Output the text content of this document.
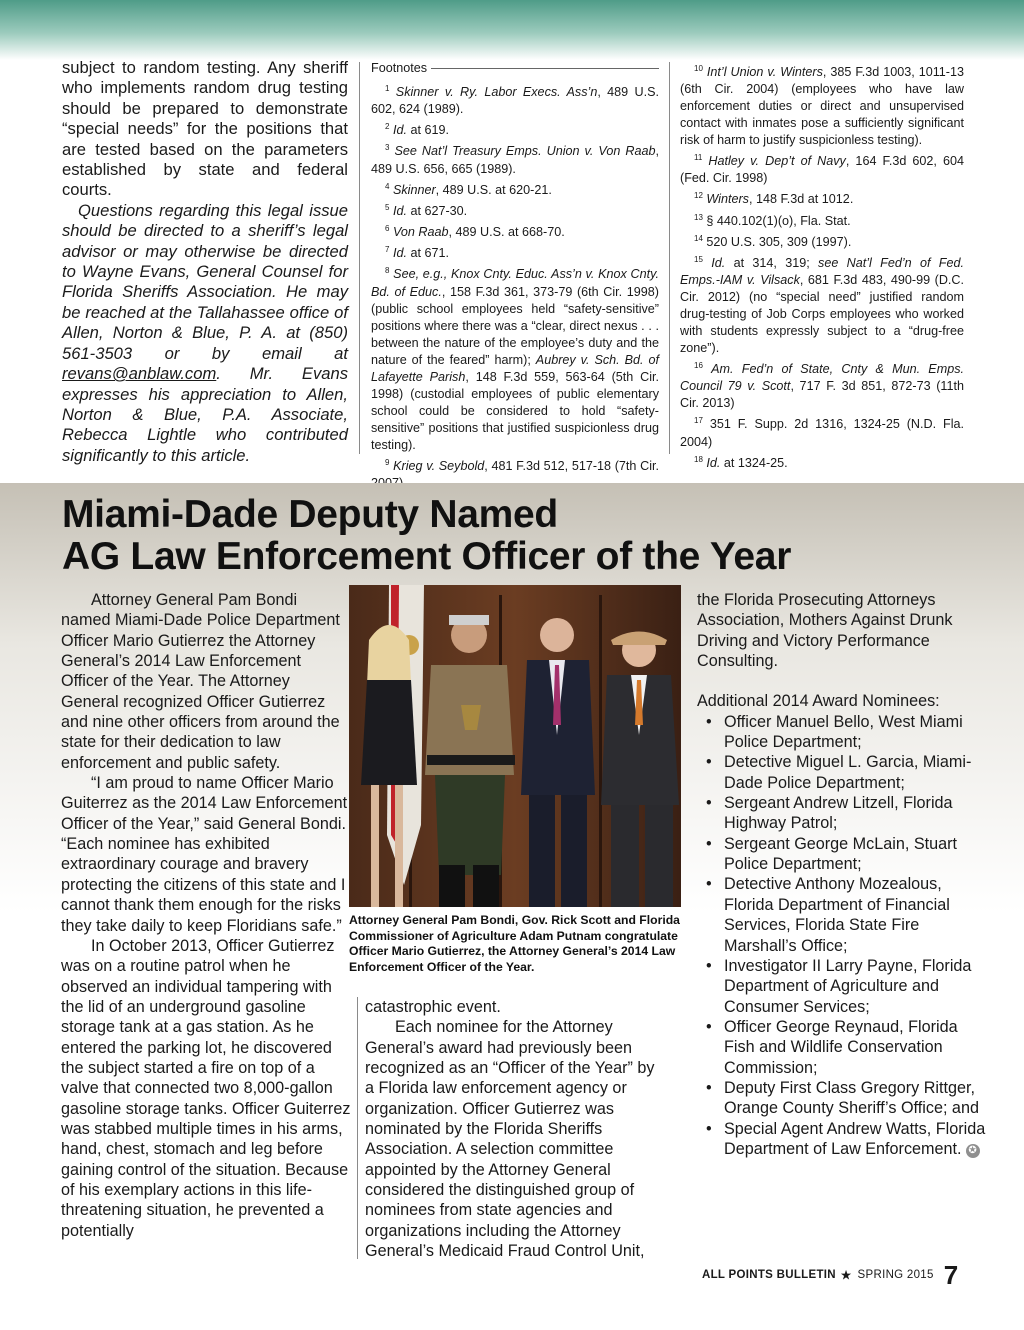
subject to random testing. Any sheriff who implements random drug testing should be prepared to demonstrate “special needs” for the positions that are tested based on the parameters established by state and federal courts.

Questions regarding this legal issue should be directed to a sheriff’s legal advisor or may otherwise be directed to Wayne Evans, General Counsel for Florida Sheriffs Association. He may be reached at the Tallahassee office of Allen, Norton & Blue, P. A. at (850) 561-3503 or by email at revans@anblaw.com. Mr. Evans expresses his appreciation to Allen, Norton & Blue, P.A. Associate, Rebecca Lightle who contributed significantly to this article.

Footnotes

$^1$ Skinner v. Ry. Labor Execs. Ass’n, 489 U.S. 602, 624 (1989).

$^2$ Id. at 619.

$^3$ See Nat’l Treasury Emps. Union v. Von Raab, 489 U.S. 656, 665 (1989).

$^4$ Skinner, 489 U.S. at 620-21.

$^5$ Id. at 627-30.

$^6$ Von Raab, 489 U.S. at 668-70.

$^7$ Id. at 671.

$^8$ See, e.g., Knox Cnty. Educ. Ass’n v. Knox Cnty. Bd. of Educ., 158 F.3d 361, 373-79 (6th Cir. 1998) (public school employees held “safety-sensitive” positions where there was a “clear, direct nexus . . . between the nature of the employee’s duty and the nature of the feared” harm); Aubrey v. Sch. Bd. of Lafayette Parish, 148 F.3d 559, 563-64 (5th Cir. 1998) (custodial employees of public elementary school could be considered to hold “safety-sensitive” positions that justified suspicionless drug testing).

$^9$ Krieg v. Seybold, 481 F.3d 512, 517-18 (7th Cir.

$^{10}$ Int’l Union v. Winters, 385 F.3d 1003, 1011-13 (6th Cir. 2004) (employees who have law enforcement duties or direct and unsupervised contact with inmates pose a sufficiently significant risk of harm to justify suspicionless testing).

$^{11}$ Hatley v. Dep’t of Navy, 164 F.3d 602, 604 (Fed. Cir. 1998)

$^{12}$ Winters, 148 F.3d at 1012.

$^{13}$ § 440.102(1)(o), Fla. Stat.

$^{14}$ 520 U.S. 305, 309 (1997).

$^{15}$ Id. at 314, 319; see Nat’l Fed’n of Fed. Emps.-IAM v. Vilsack, 681 F.3d 483, 490-99 (D.C. Cir. 2012) (no “special need” justified random drug-testing of Job Corps employees who worked with students expressly subject to a “drug-free zone”).

$^{16}$ Am. Fed’n of State, Cnty & Mun. Emps. Council 79 v. Scott, 717 F. 3d 851, 872-73 (11th Cir. 2013)

$^{17}$ 351 F. Supp. 2d 1316, 1324-25 (N.D. Fla. 2004)

$^{18}$ Id. at 1324-25.

Miami-Dade Deputy Named
AG Law Enforcement Officer of the Year

Attorney General Pam Bondi named Miami-Dade Police Department Officer Mario Gutierrez the Attorney General’s 2014 Law Enforcement Officer of the Year. The Attorney General recognized Officer Gutierrez and nine other officers from around the state for their dedication to law enforcement and public safety.

“I am proud to name Officer Mario Guiterrez as the 2014 Law Enforcement Officer of the Year,” said General Bondi. “Each nominee has exhibited extraordinary courage and bravery protecting the citizens of this state and I cannot thank them enough for the risks they take daily to keep Floridians safe.”

In October 2013, Officer Gutierrez was on a routine patrol when he observed an individual tampering with the lid of an underground gasoline storage tank at a gas station. As he entered the parking lot, he discovered the subject started a fire on top of a valve that connected two 8,000-gallon gasoline storage tanks. Officer Guiterrez was stabbed multiple times in his arms, hand, chest, stomach and leg before gaining control of the situation. Because of his exemplary actions in this life-threatening situation, he prevented a potentially

Attorney General Pam Bondi, Gov. Rick Scott and Florida Commissioner of Agriculture Adam Putnam congratulate Officer Mario Gutierrez, the Attorney General’s 2014 Law Enforcement Officer of the Year.

catastrophic event.

Each nominee for the Attorney General’s award had previously been recognized as an “Officer of the Year” by a Florida law enforcement agency or organization. Officer Gutierrez was nominated by the Florida Sheriffs Association. A selection committee appointed by the Attorney General considered the distinguished group of nominees from state agencies and organizations including the Attorney General’s Medicaid Fraud Control Unit,

the Florida Prosecuting Attorneys Association, Mothers Against Drunk Driving and Victory Performance Consulting.

Additional 2014 Award Nominees:

• Officer Manuel Bello, West Miami Police Department;
• Detective Miguel L. Garcia, Miami-Dade Police Department;
• Sergeant Andrew Litzell, Florida Highway Patrol;
• Sergeant George McLain, Stuart Police Department;
• Detective Anthony Mozealous, Florida Department of Financial Services, Florida State Fire Marshall’s Office;
• Investigator II Larry Payne, Florida Department of Agriculture and Consumer Services;
• Officer George Reynaud, Florida Fish and Wildlife Conservation Commission;
• Deputy First Class Gregory Rittger, Orange County Sheriff’s Office; and
• Special Agent Andrew Watts, Florida Department of Law Enforcement. ✪
ALL POINTS BULLETIN ★ SPRING 2015 7
